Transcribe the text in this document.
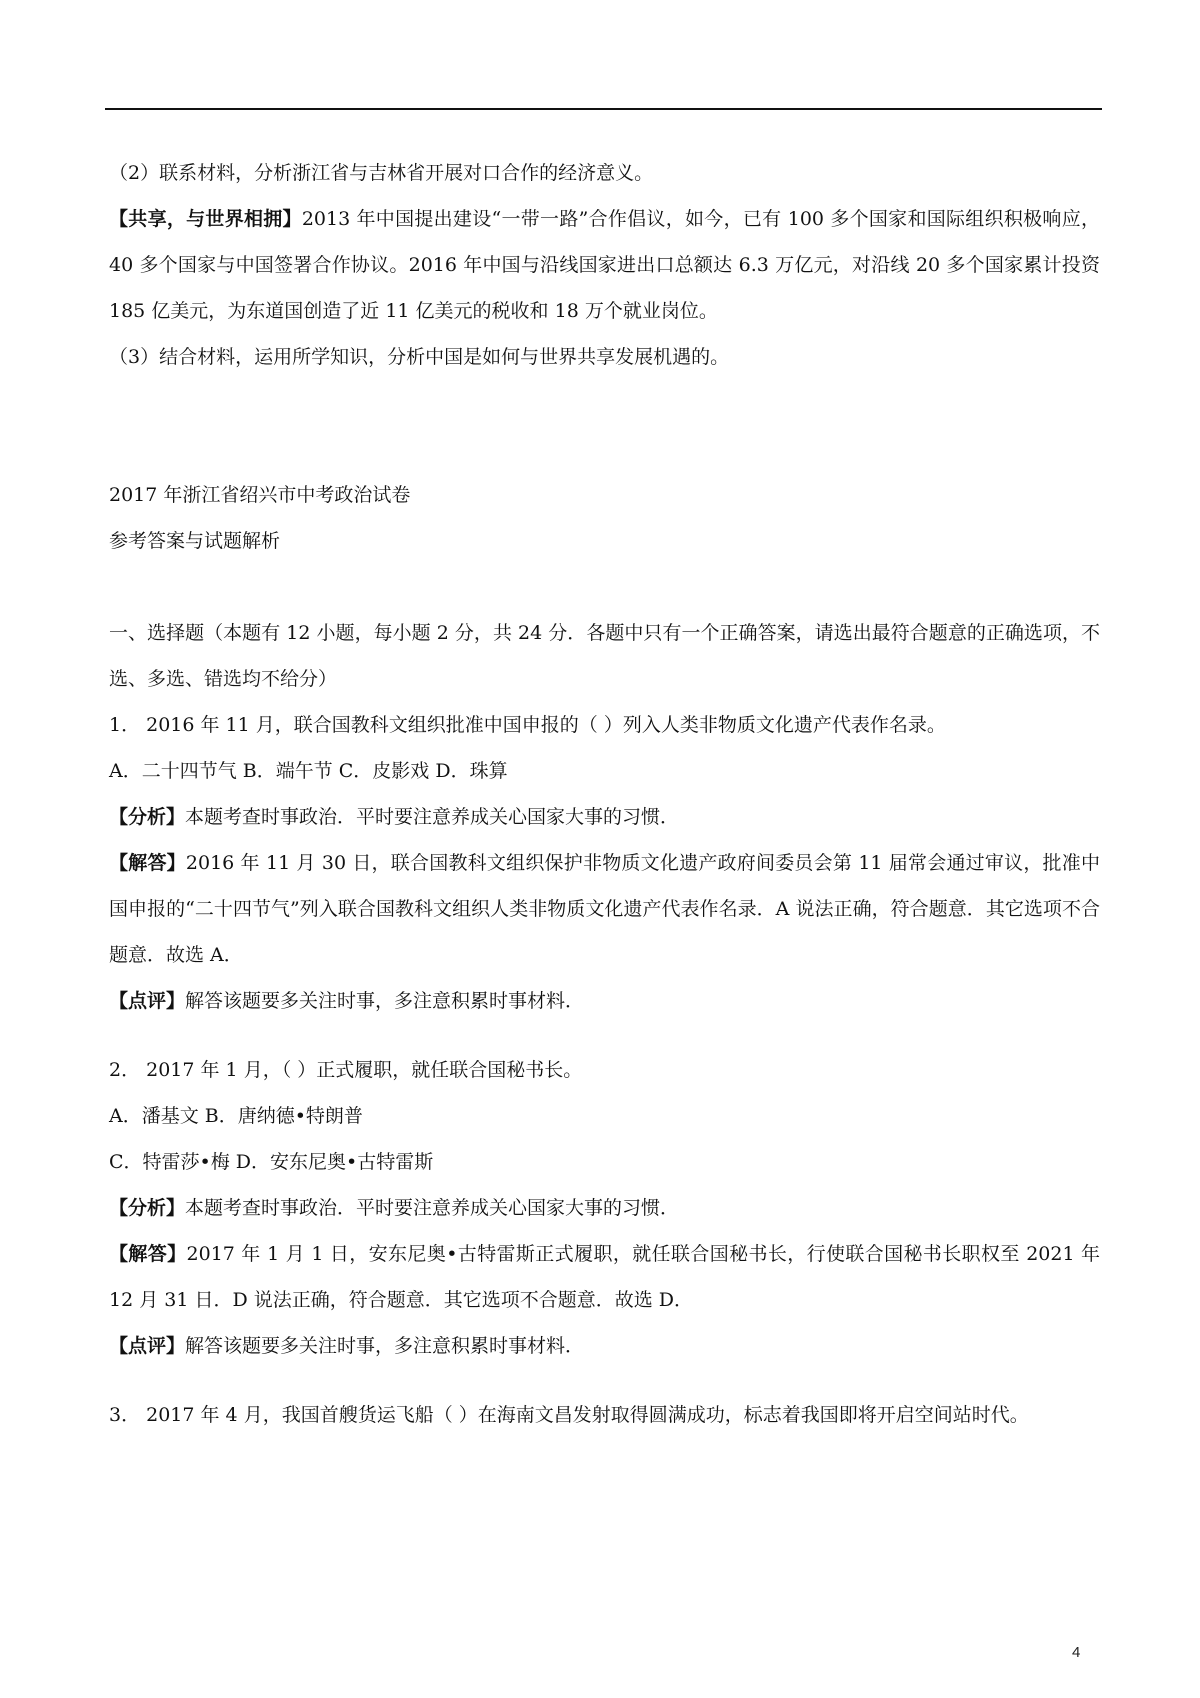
（2）联系材料，分析浙江省与吉林省开展对口合作的经济意义。

【共享，与世界相拥】2013 年中国提出建设“一带一路”合作倡议，如今，已有 100 多个国家和国际组织积极响应，40 多个国家与中国签署合作协议。2016 年中国与沿线国家进出口总额达 6.3 万亿元，对沿线 20 多个国家累计投资 185 亿美元，为东道国创造了近 11 亿美元的税收和 18 万个就业岗位。

（3）结合材料，运用所学知识，分析中国是如何与世界共享发展机遇的。

2017 年浙江省绍兴市中考政治试卷

参考答案与试题解析

一、选择题（本题有 12 小题，每小题 2 分，共 24 分．各题中只有一个正确答案，请选出最符合题意的正确选项，不选、多选、错选均不给分）

1． 2016 年 11 月，联合国教科文组织批准中国申报的（ ）列入人类非物质文化遗产代表作名录。

A．二十四节气 B．端午节 C．皮影戏 D．珠算

【分析】本题考查时事政治．平时要注意养成关心国家大事的习惯．

【解答】2016 年 11 月 30 日，联合国教科文组织保护非物质文化遗产政府间委员会第 11 届常会通过审议，批准中国申报的“二十四节气”列入联合国教科文组织人类非物质文化遗产代表作名录．A 说法正确，符合题意．其它选项不合题意．故选 A．

【点评】解答该题要多关注时事，多注意积累时事材料．

2． 2017 年 1 月，（ ）正式履职，就任联合国秘书长。

A．潘基文 B．唐纳德•特朗普

C．特雷莎•梅 D．安东尼奥•古特雷斯

【分析】本题考查时事政治．平时要注意养成关心国家大事的习惯．

【解答】2017 年 1 月 1 日，安东尼奥•古特雷斯正式履职，就任联合国秘书长，行使联合国秘书长职权至 2021 年 12 月 31 日．D 说法正确，符合题意．其它选项不合题意．故选 D．

【点评】解答该题要多关注时事，多注意积累时事材料．

3． 2017 年 4 月，我国首艘货运飞船（ ）在海南文昌发射取得圆满成功，标志着我国即将开启空间站时代。

4
